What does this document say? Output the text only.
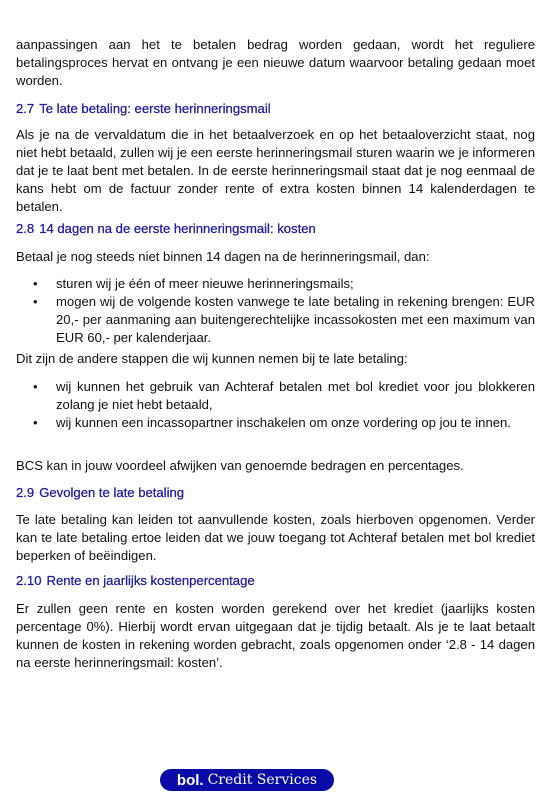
aanpassingen aan het te betalen bedrag worden gedaan, wordt het reguliere betalingsproces hervat en ontvang je een nieuwe datum waarvoor betaling gedaan moet worden.

2.7 Te late betaling: eerste herinneringsmail

Als je na de vervaldatum die in het betaalverzoek en op het betaaloverzicht staat, nog niet hebt betaald, zullen wij je een eerste herinneringsmail sturen waarin we je informeren dat je te laat bent met betalen. In de eerste herinneringsmail staat dat je nog eenmaal de kans hebt om de factuur zonder rente of extra kosten binnen 14 kalenderdagen te betalen.

2.8 14 dagen na de eerste herinneringsmail: kosten

Betaal je nog steeds niet binnen 14 dagen na de herinneringsmail, dan:

• sturen wij je één of meer nieuwe herinneringsmails;
• mogen wij de volgende kosten vanwege te late betaling in rekening brengen: EUR 20,- per aanmaning aan buitengerechtelijke incassokosten met een maximum van EUR 60,- per kalenderjaar.

Dit zijn de andere stappen die wij kunnen nemen bij te late betaling:

• wij kunnen het gebruik van Achteraf betalen met bol krediet voor jou blokkeren zolang je niet hebt betaald,
• wij kunnen een incassopartner inschakelen om onze vordering op jou te innen.

BCS kan in jouw voordeel afwijken van genoemde bedragen en percentages.

2.9 Gevolgen te late betaling

Te late betaling kan leiden tot aanvullende kosten, zoals hierboven opgenomen. Verder kan te late betaling ertoe leiden dat we jouw toegang tot Achteraf betalen met bol krediet beperken of beëindigen.

2.10 Rente en jaarlijks kostenpercentage

Er zullen geen rente en kosten worden gerekend over het krediet (jaarlijks kosten percentage 0%). Hierbij wordt ervan uitgegaan dat je tijdig betaalt. Als je te laat betaalt kunnen de kosten in rekening worden gebracht, zoals opgenomen onder ‘2.8 - 14 dagen na eerste herinneringsmail: kosten’.

bol. Credit Services
